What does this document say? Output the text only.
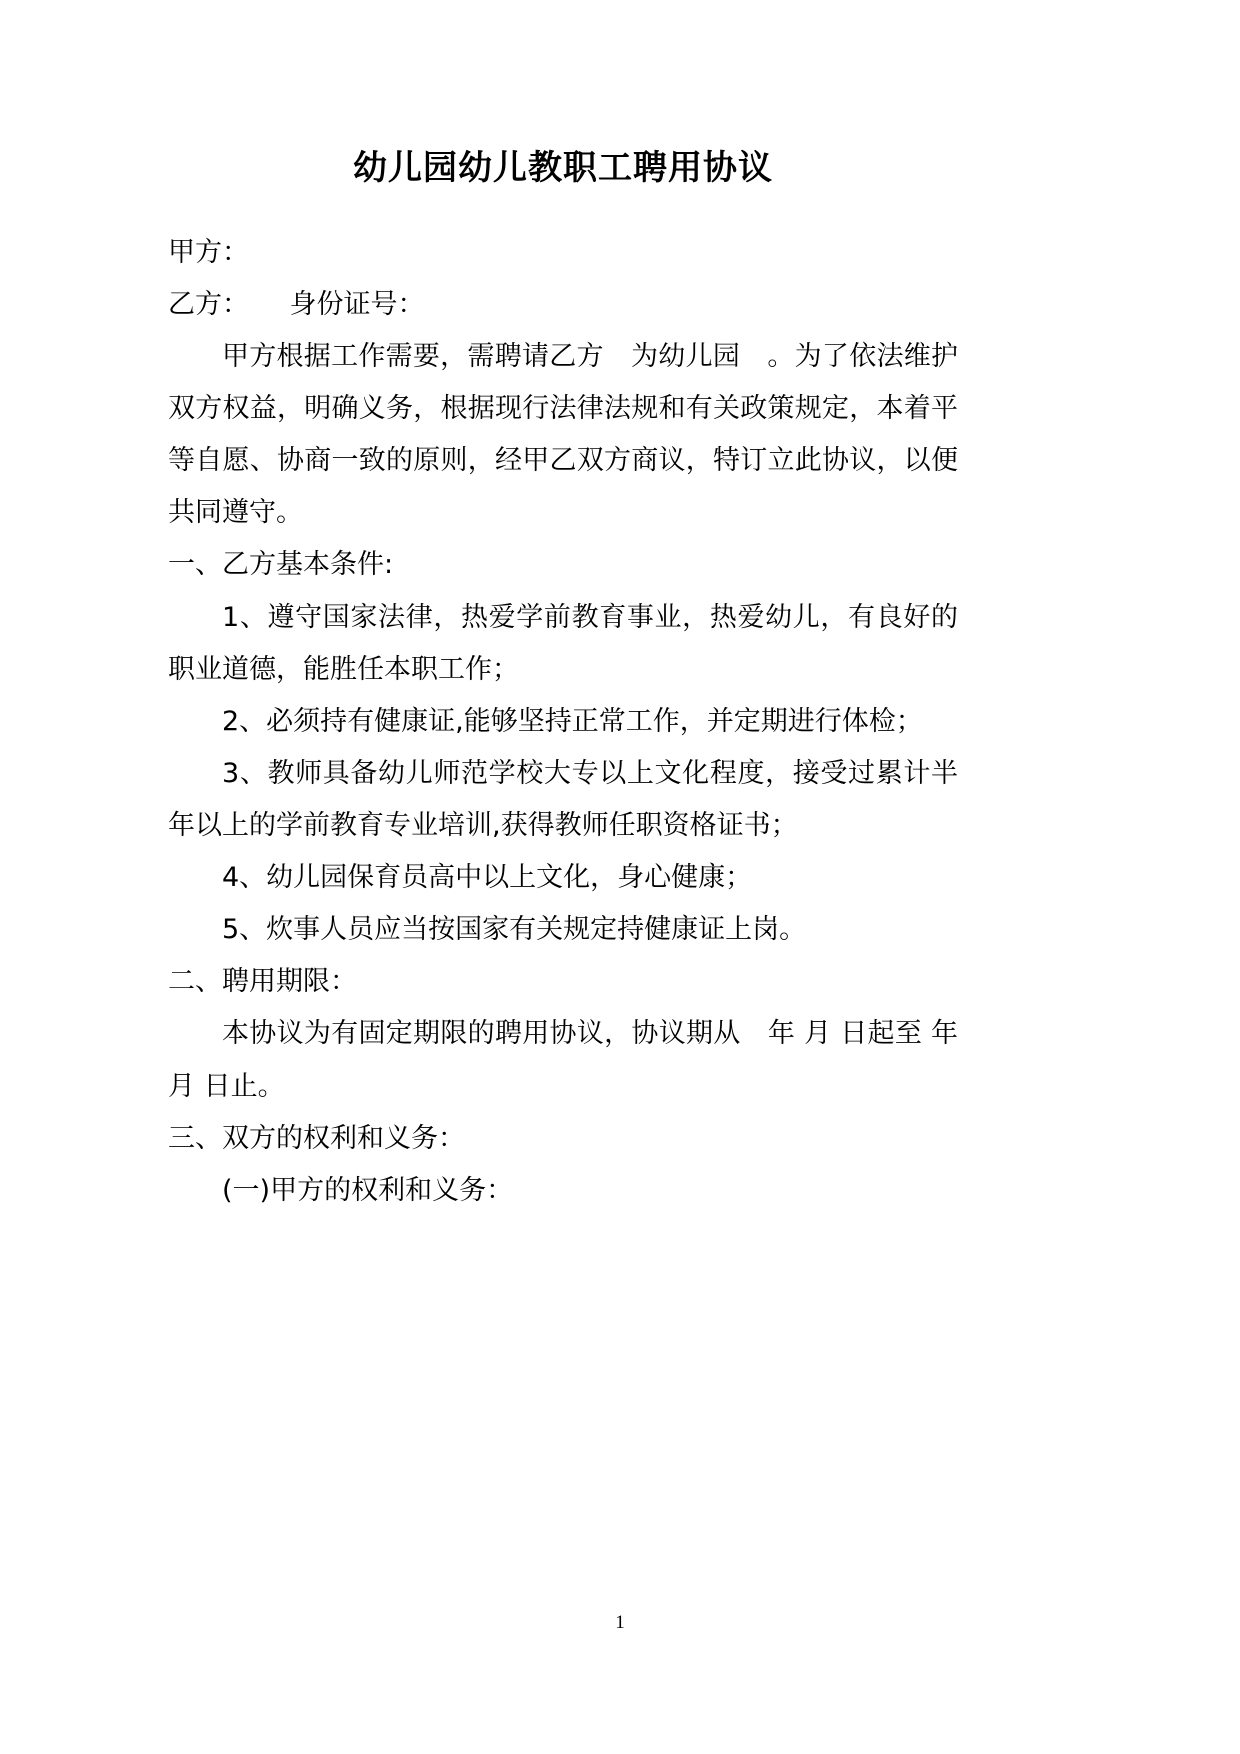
幼儿园幼儿教职工聘用协议

甲方：

乙方：　　身份证号：

甲方根据工作需要，需聘请乙方　为幼儿园　。为了依法维护双方权益，明确义务，根据现行法律法规和有关政策规定，本着平等自愿、协商一致的原则，经甲乙双方商议，特订立此协议，以便共同遵守。

一、乙方基本条件:

1、遵守国家法律，热爱学前教育事业，热爱幼儿，有良好的职业道德，能胜任本职工作；

2、必须持有健康证,能够坚持正常工作，并定期进行体检；

3、教师具备幼儿师范学校大专以上文化程度，接受过累计半年以上的学前教育专业培训,获得教师任职资格证书；

4、幼儿园保育员高中以上文化，身心健康；

5、炊事人员应当按国家有关规定持健康证上岗。

二、聘用期限：

本协议为有固定期限的聘用协议，协议期从　年 月 日起至 年 月 日止。

三、双方的权利和义务：

(一)甲方的权利和义务：

1
